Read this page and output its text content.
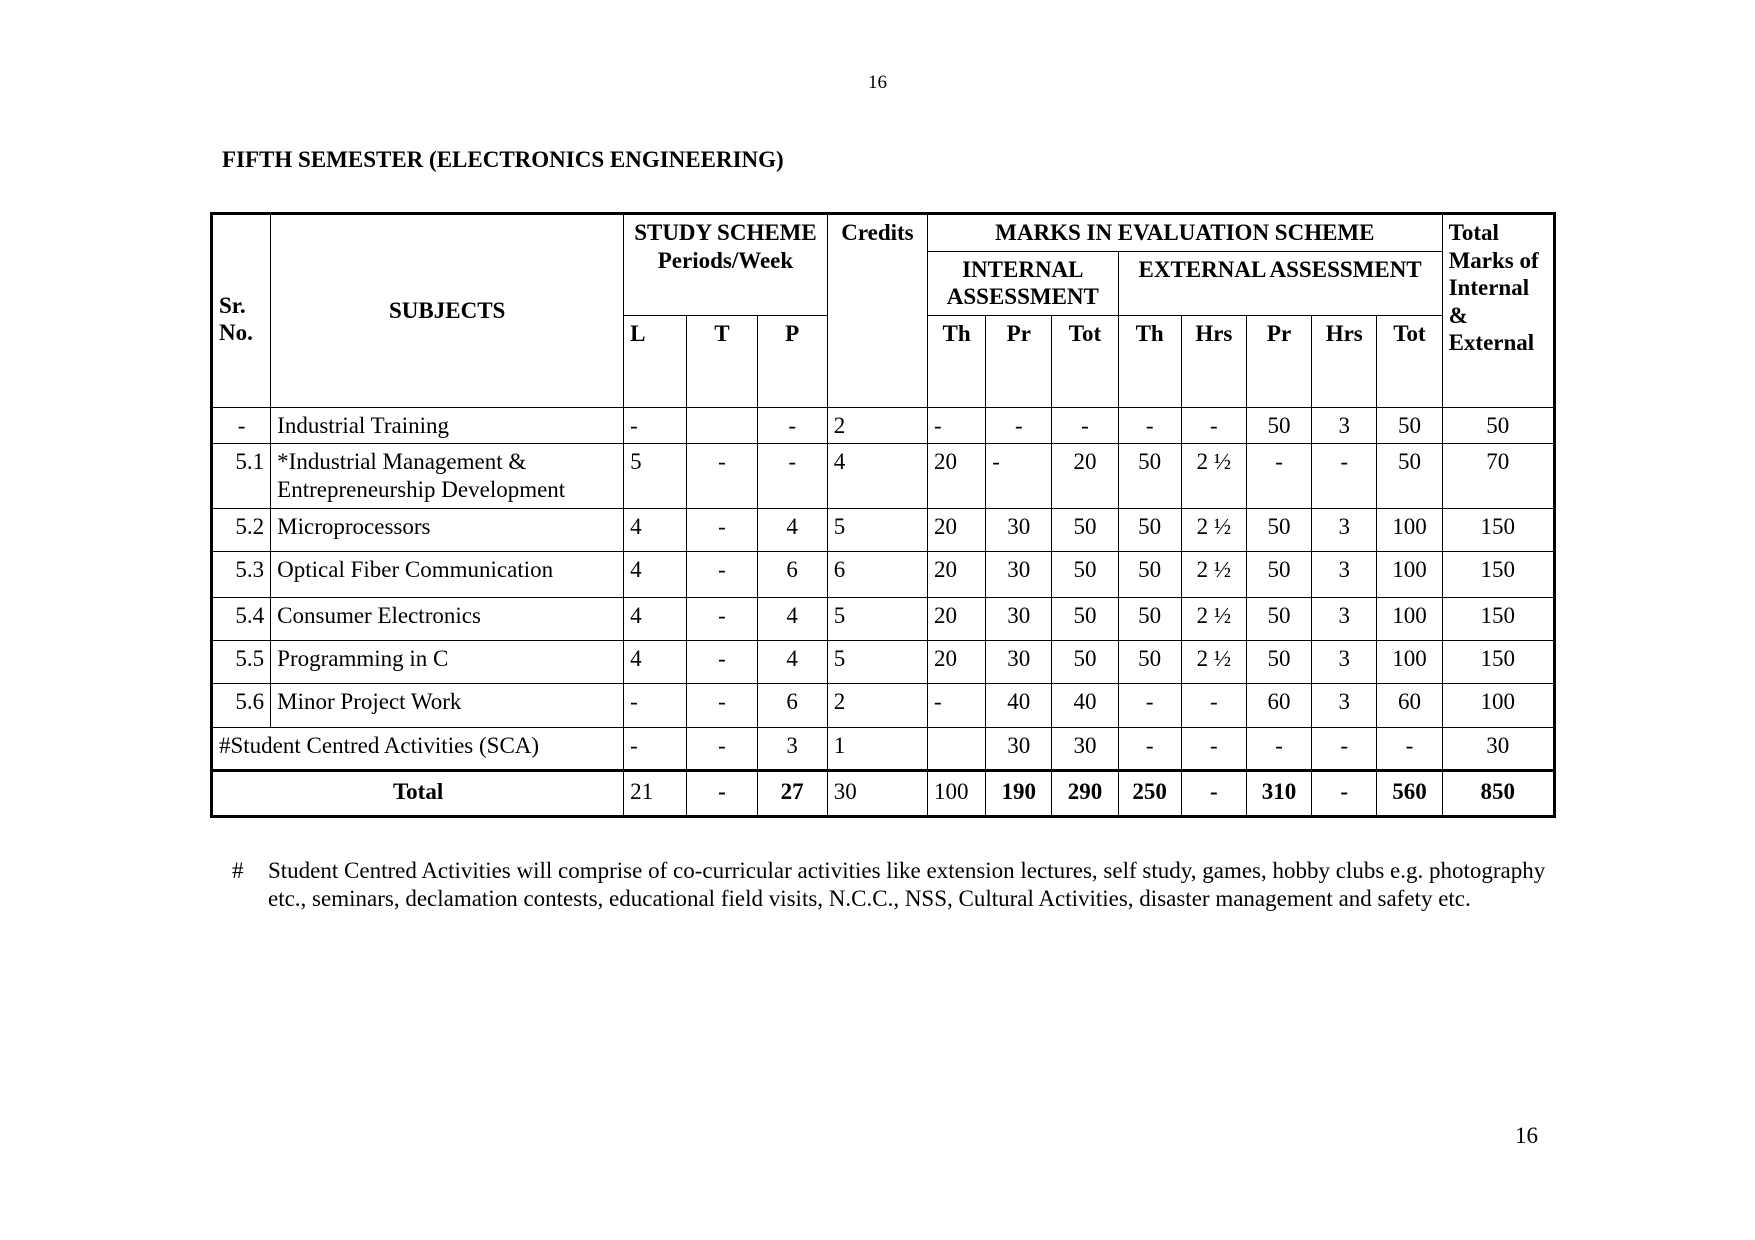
16
FIFTH SEMESTER (ELECTRONICS ENGINEERING)
Sr. No.	SUBJECTS	STUDY SCHEME Periods/Week			Credits	MARKS IN EVALUATION SCHEME								Total Marks of Internal & External
						INTERNAL ASSESSMENT			EXTERNAL ASSESSMENT					
		L	T	P		Th	Pr	Tot	Th	Hrs	Pr	Hrs	Tot	
-	Industrial Training	-		-	2	-	-	-	-	-	50	3	50	50
5.1	*Industrial Management & Entrepreneurship Development	5	-	-	4	20	-	20	50	2 ½	-	-	50	70
5.2	Microprocessors	4	-	4	5	20	30	50	50	2 ½	50	3	100	150
5.3	Optical Fiber Communication	4	-	6	6	20	30	50	50	2 ½	50	3	100	150
5.4	Consumer Electronics	4	-	4	5	20	30	50	50	2 ½	50	3	100	150
5.5	Programming in C	4	-	4	5	20	30	50	50	2 ½	50	3	100	150
5.6	Minor Project Work	-	-	6	2	-	40	40	-	-	60	3	60	100
#Student Centred Activities (SCA)		-	-	3	1		30	30	-	-	-	-	-	30
Total		21	-	27	30	100	190	290	250	-	310	-	560	850
# Student Centred Activities will comprise of co-curricular activities like extension lectures, self study, games, hobby clubs e.g. photography etc., seminars, declamation contests, educational field visits, N.C.C., NSS, Cultural Activities, disaster management and safety etc.
16
